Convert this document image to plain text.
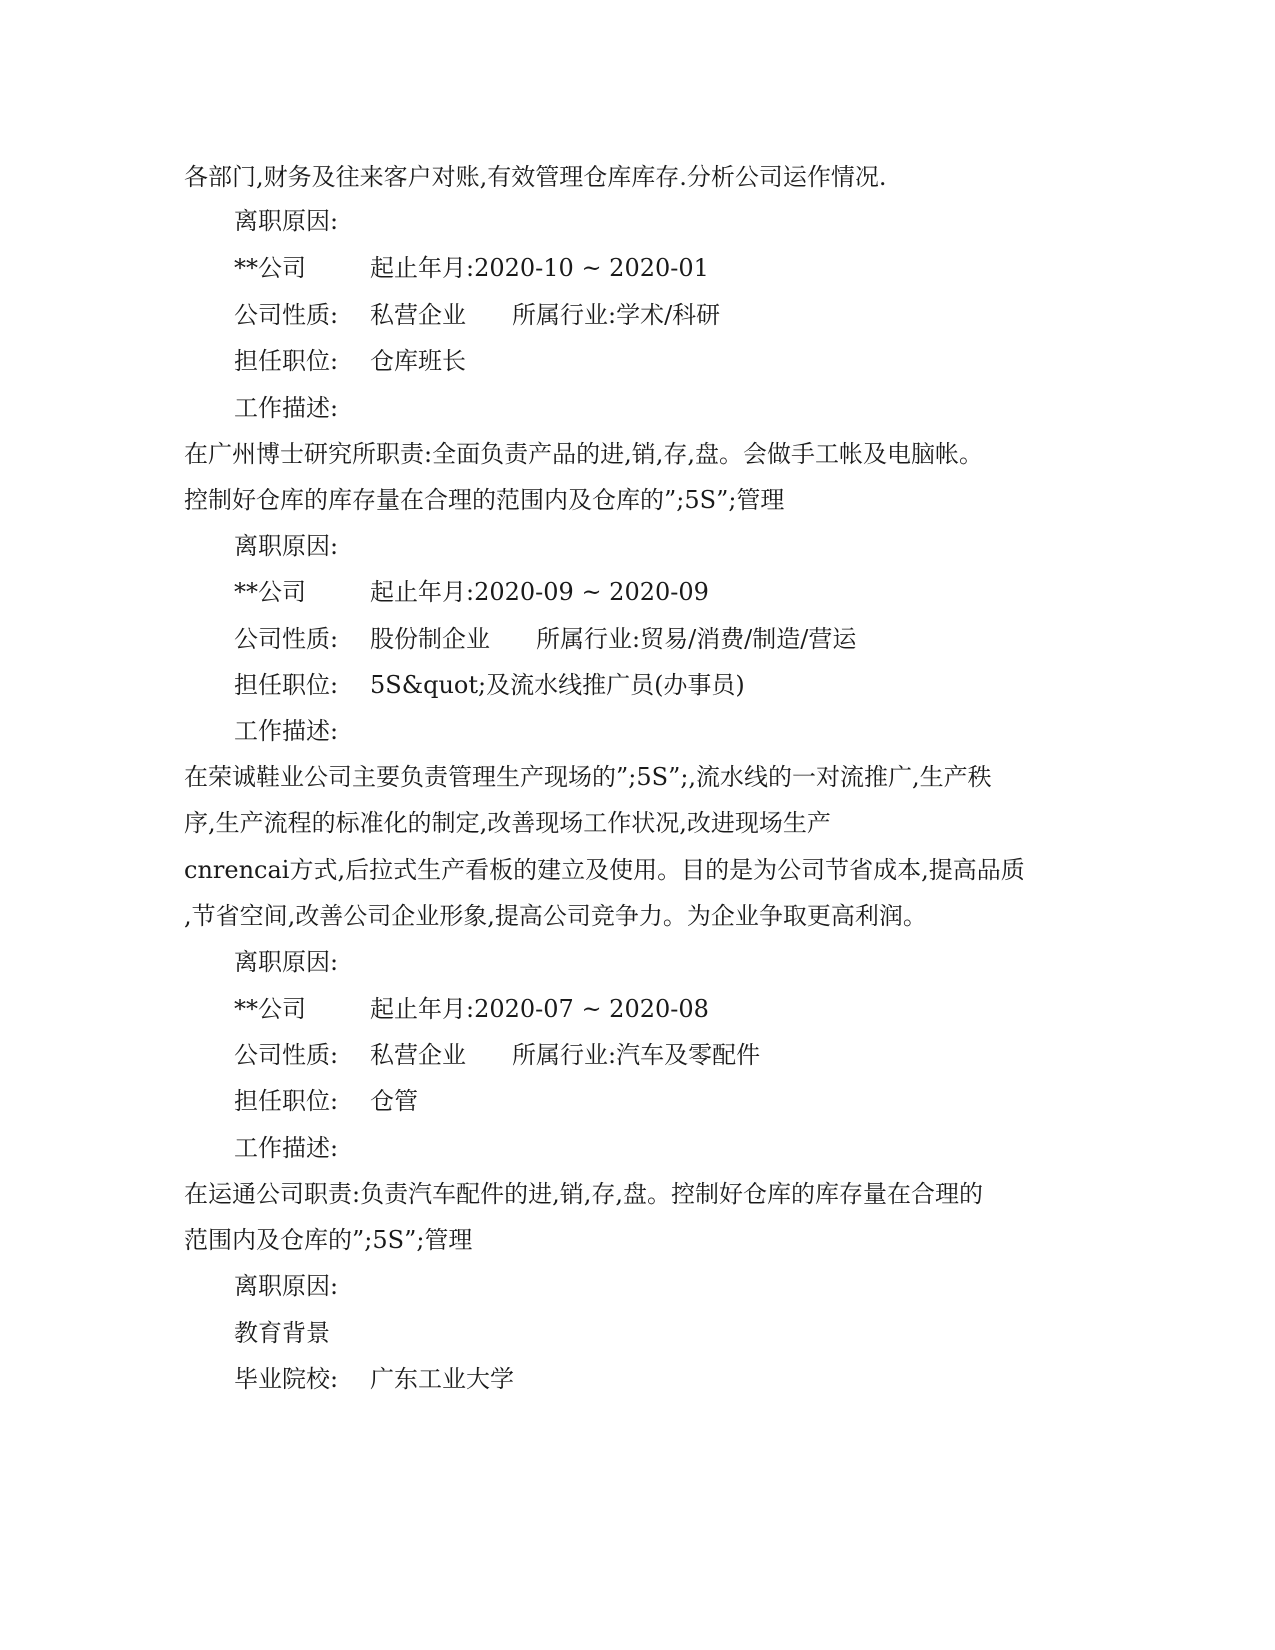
各部门,财务及往来客户对账,有效管理仓库库存.分析公司运作情况.
离职原因:
**公司	起止年月:2020-10 ~ 2020-01
公司性质: 私营企业 所属行业:学术/科研
担任职位: 仓库班长
工作描述:
在广州博士研究所职责:全面负责产品的进,销,存,盘。会做手工帐及电脑帐。
控制好仓库的库存量在合理的范围内及仓库的”;5S”;管理
离职原因:
**公司	起止年月:2020-09 ~ 2020-09
公司性质: 股份制企业 所属行业:贸易/消费/制造/营运
担任职位: 5S&quot;及流水线推广员(办事员)
工作描述:
在荣诚鞋业公司主要负责管理生产现场的”;5S”;,流水线的一对流推广,生产秩
序,生产流程的标准化的制定,改善现场工作状况,改进现场生产
cnrencai方式,后拉式生产看板的建立及使用。目的是为公司节省成本,提高品质
,节省空间,改善公司企业形象,提高公司竞争力。为企业争取更高利润。
离职原因:
**公司	起止年月:2020-07 ~ 2020-08
公司性质: 私营企业 所属行业:汽车及零配件
担任职位: 仓管
工作描述:
在运通公司职责:负责汽车配件的进,销,存,盘。控制好仓库的库存量在合理的
范围内及仓库的”;5S”;管理
离职原因:
教育背景
毕业院校: 广东工业大学
